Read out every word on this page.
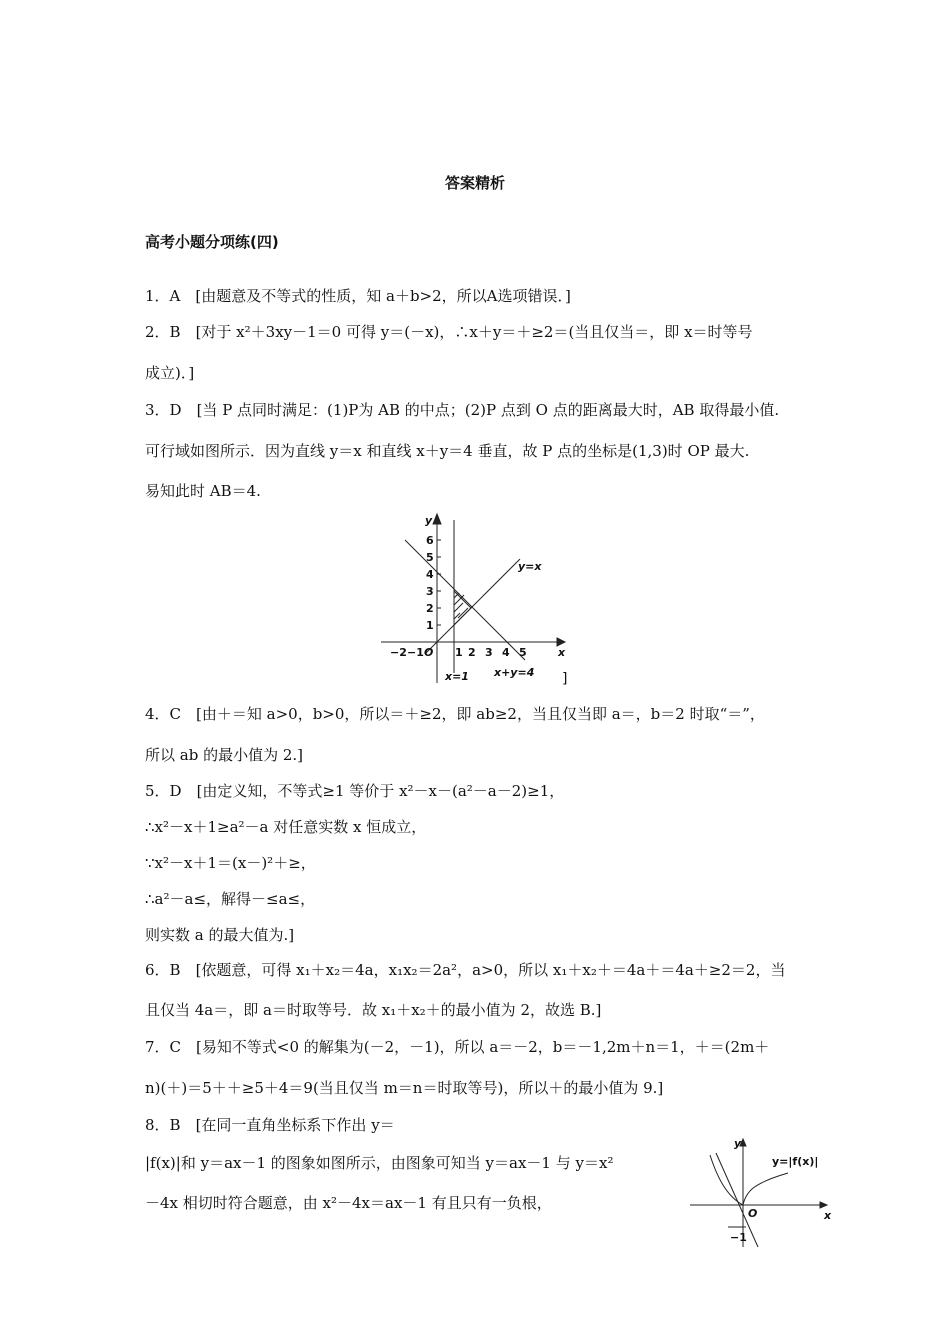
答案精析
高考小题分项练(四)
1．A　[由题意及不等式的性质，知 a＋b>2，所以A选项错误．]
2．B　[对于 x²＋3xy－1＝0 可得 y＝(－x)，∴x＋y＝＋≥2＝(当且仅当＝，即 x＝时等号
成立)．]
3．D　[当 P 点同时满足：(1)P为 AB 的中点；(2)P 点到 O 点的距离最大时，AB 取得最小值.
可行域如图所示．因为直线 y＝x 和直线 x＋y＝4 垂直，故 P 点的坐标是(1,3)时 OP 最大.
易知此时 AB＝4.
y
x
O
−2 −1	1 2 3 4 5
1
2
3
4
5
6
y=x
x+y=4
x=1	]
4．C　[由＋＝知 a>0，b>0，所以＝＋≥2，即 ab≥2，当且仅当即 a＝，b＝2 时取“＝”，
所以 ab 的最小值为 2.]
5．D　[由定义知，不等式≥1 等价于 x²－x－(a²－a－2)≥1，
∴x²－x＋1≥a²－a 对任意实数 x 恒成立，
∵x²－x＋1＝(x－)²＋≥，
∴a²－a≤，解得－≤a≤，
则实数 a 的最大值为.]
6．B　[依题意，可得 x₁＋x₂＝4a，x₁x₂＝2a²，a>0，所以 x₁＋x₂＋＝4a＋＝4a＋≥2＝2，当
且仅当 4a＝，即 a＝时取等号．故 x₁＋x₂＋的最小值为 2，故选 B.]
7．C　[易知不等式<0 的解集为(－2，－1)，所以 a＝－2，b＝－1,2m＋n＝1，＋＝(2m＋
n)(＋)＝5＋＋≥5＋4＝9(当且仅当 m＝n＝时取等号)，所以＋的最小值为 9.]
8．B　[在同一直角坐标系下作出 y＝
|f(x)|和 y＝ax－1 的图象如图所示，由图象可知当 y＝ax－1 与 y＝x²
－4x 相切时符合题意，由 x²－4x＝ax－1 有且只有一负根，
y
x
O
−1
y=|f(x)|
